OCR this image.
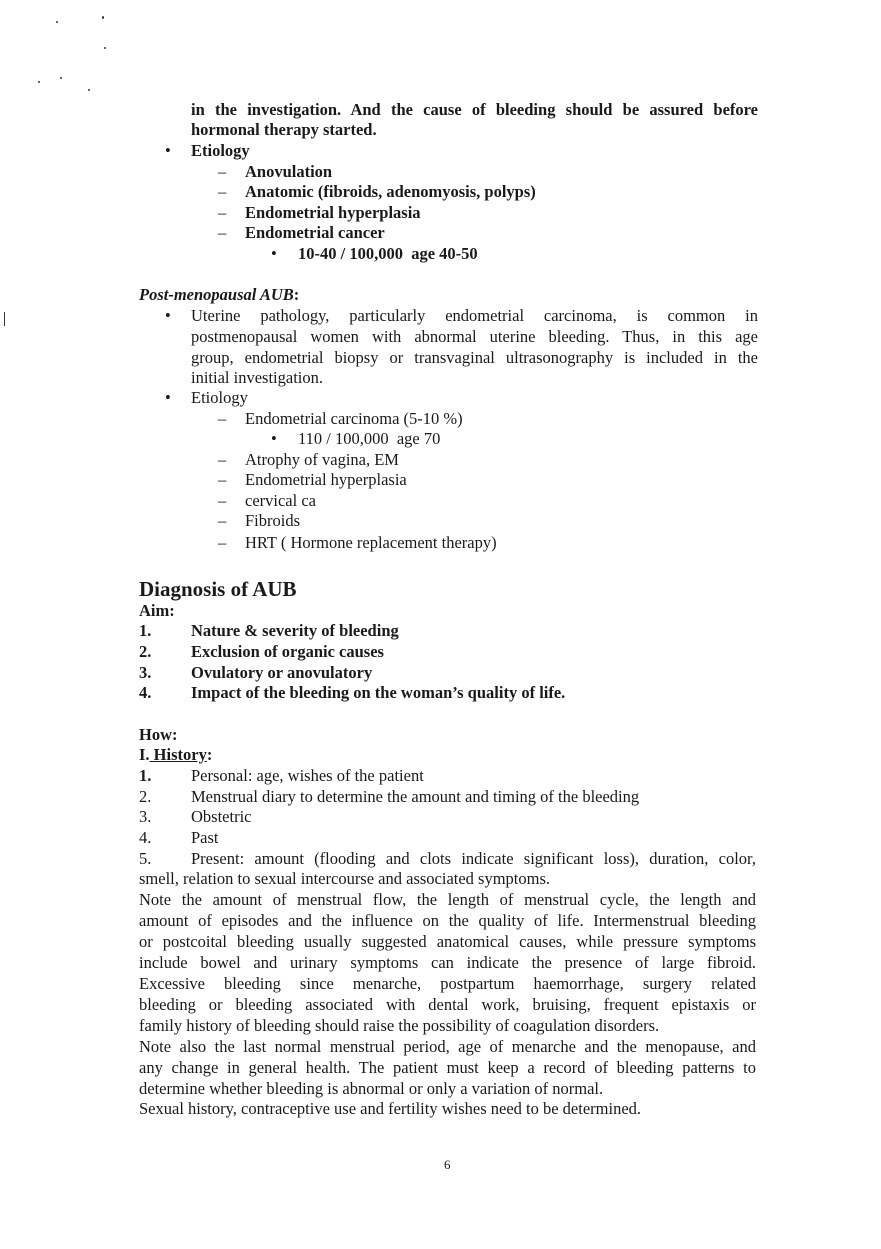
in the investigation. And the cause of bleeding should be assured before
hormonal therapy started.
• Etiology
– Anovulation
– Anatomic (fibroids, adenomyosis, polyps)
– Endometrial hyperplasia
– Endometrial cancer
• 10-40 / 100,000  age 40-50
Post-menopausal AUB:
• Uterine pathology, particularly endometrial carcinoma, is common in
postmenopausal women with abnormal uterine bleeding. Thus, in this age
group, endometrial biopsy or transvaginal ultrasonography is included in the
initial investigation.
• Etiology
– Endometrial carcinoma (5-10 %)
• 110 / 100,000  age 70
– Atrophy of vagina, EM
– Endometrial hyperplasia
– cervical ca
– Fibroids
– HRT ( Hormone replacement therapy)
Diagnosis of AUB
Aim:
1. Nature & severity of bleeding
2. Exclusion of organic causes
3. Ovulatory or anovulatory
4. Impact of the bleeding on the woman’s quality of life.
How:
I. History:
1. Personal: age, wishes of the patient
2. Menstrual diary to determine the amount and timing of the bleeding
3. Obstetric
4. Past
5. Present: amount (flooding and clots indicate significant loss), duration, color,
smell, relation to sexual intercourse and associated symptoms.
Note the amount of menstrual flow, the length of menstrual cycle, the length and
amount of episodes and the influence on the quality of life. Intermenstrual bleeding
or postcoital bleeding usually suggested anatomical causes, while pressure symptoms
include bowel and urinary symptoms can indicate the presence of large fibroid.
Excessive bleeding since menarche, postpartum haemorrhage, surgery related
bleeding or bleeding associated with dental work, bruising, frequent epistaxis or
family history of bleeding should raise the possibility of coagulation disorders.
Note also the last normal menstrual period, age of menarche and the menopause, and
any change in general health. The patient must keep a record of bleeding patterns to
determine whether bleeding is abnormal or only a variation of normal.
Sexual history, contraceptive use and fertility wishes need to be determined.
6
